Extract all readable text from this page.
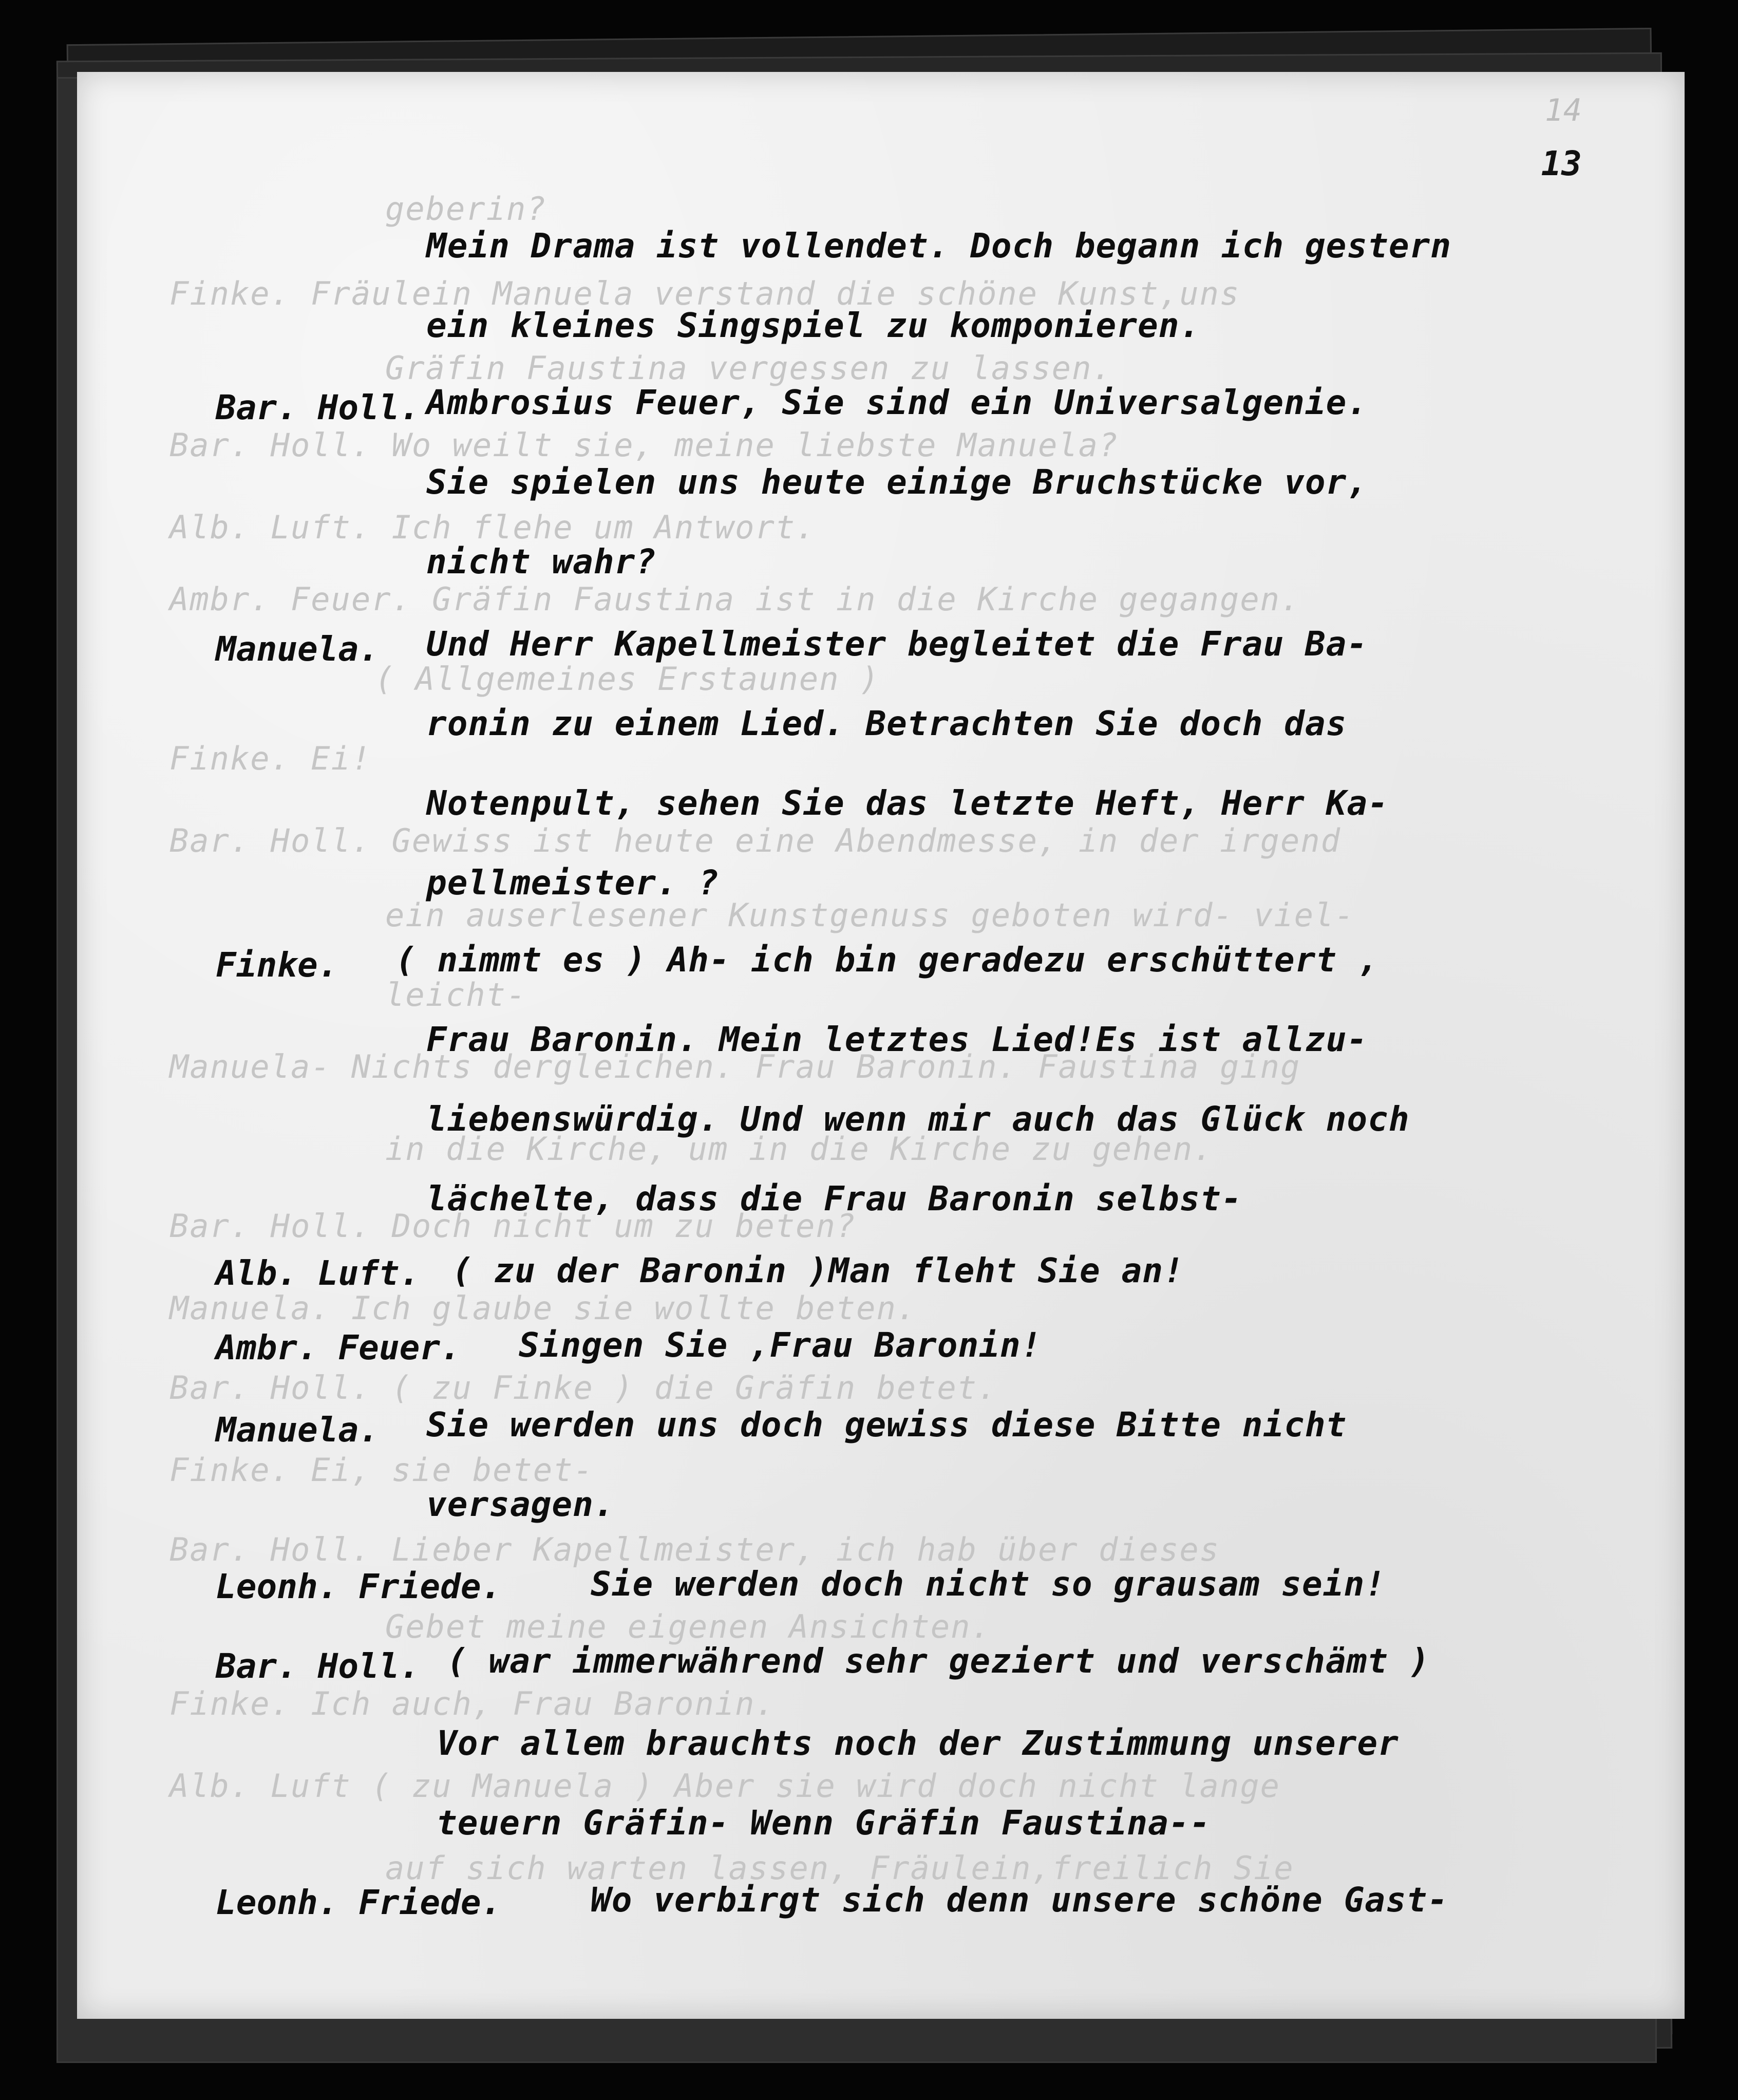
14
13
geberin?
Finke. Fräulein Manuela verstand die schöne Kunst,uns
Gräfin Faustina vergessen zu lassen.
Bar. Holl. Wo weilt sie, meine liebste Manuela?
Alb. Luft. Ich flehe um Antwort.
Ambr. Feuer. Gräfin Faustina ist in die Kirche gegangen.
( Allgemeines Erstaunen )
Finke. Ei!
Bar. Holl. Gewiss ist heute eine Abendmesse, in der irgend
ein auserlesener Kunstgenuss geboten wird- viel-
leicht-
Manuela- Nichts dergleichen. Frau Baronin. Faustina ging
in die Kirche, um in die Kirche zu gehen.
Bar. Holl. Doch nicht um zu beten?
Manuela. Ich glaube sie wollte beten.
Bar. Holl. ( zu Finke ) die Gräfin betet.
Finke. Ei, sie betet-
Bar. Holl. Lieber Kapellmeister, ich hab über dieses
Gebet meine eigenen Ansichten.
Finke. Ich auch, Frau Baronin.
Alb. Luft ( zu Manuela ) Aber sie wird doch nicht lange
auf sich warten lassen, Fräulein,freilich Sie
Mein Drama ist vollendet. Doch begann ich gestern
ein kleines Singspiel zu komponieren.
Bar. Holl. Ambrosius Feuer, Sie sind ein Universalgenie.
Sie spielen uns heute einige Bruchstücke vor,
nicht wahr?
Manuela. Und Herr Kapellmeister begleitet die Frau Ba-
ronin zu einem Lied. Betrachten Sie doch das
Notenpult, sehen Sie das letzte Heft, Herr Ka-
pellmeister. ?
Finke. ( nimmt es ) Ah- ich bin geradezu erschüttert ,
Frau Baronin. Mein letztes Lied!Es ist allzu-
liebenswürdig. Und wenn mir auch das Glück noch
lächelte, dass die Frau Baronin selbst-
Alb. Luft. ( zu der Baronin )Man fleht Sie an!
Ambr. Feuer. Singen Sie ,Frau Baronin!
Manuela. Sie werden uns doch gewiss diese Bitte nicht
versagen.
Leonh. Friede.	Sie werden doch nicht so grausam sein!
Bar. Holl. ( war immerwährend sehr geziert und verschämt )
Vor allem brauchts noch der Zustimmung unserer
teuern Gräfin- Wenn Gräfin Faustina--
Leonh. Friede.	Wo verbirgt sich denn unsere schöne Gast-
